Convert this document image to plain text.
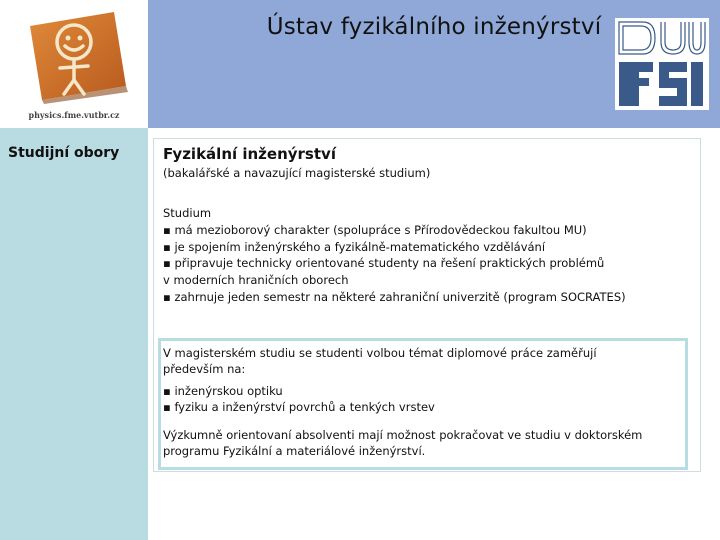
Ústav fyzikálního inženýrství
physics.fme.vutbr.cz
Studijní obory	Fyzikální inženýrství
(bakalářské a navazující magisterské studium)

Studium

▪ má mezioborový charakter (spolupráce s Přírodovědeckou fakultou MU)

▪ je spojením inženýrského a fyzikálně-matematického vzdělávání

▪ připravuje technicky orientované studenty na řešení praktických problémů

v moderních hraničních oborech

▪ zahrnuje jeden semestr na některé zahraniční univerzitě (program SOCRATES)

V magisterském studiu se studenti volbou témat diplomové práce zaměřují

především na:

▪ inženýrskou optiku

▪ fyziku a inženýrství povrchů a tenkých vrstev

Výzkumně orientovaní absolventi mají možnost pokračovat ve studiu v doktorském

programu Fyzikální a materiálové inženýrství.
